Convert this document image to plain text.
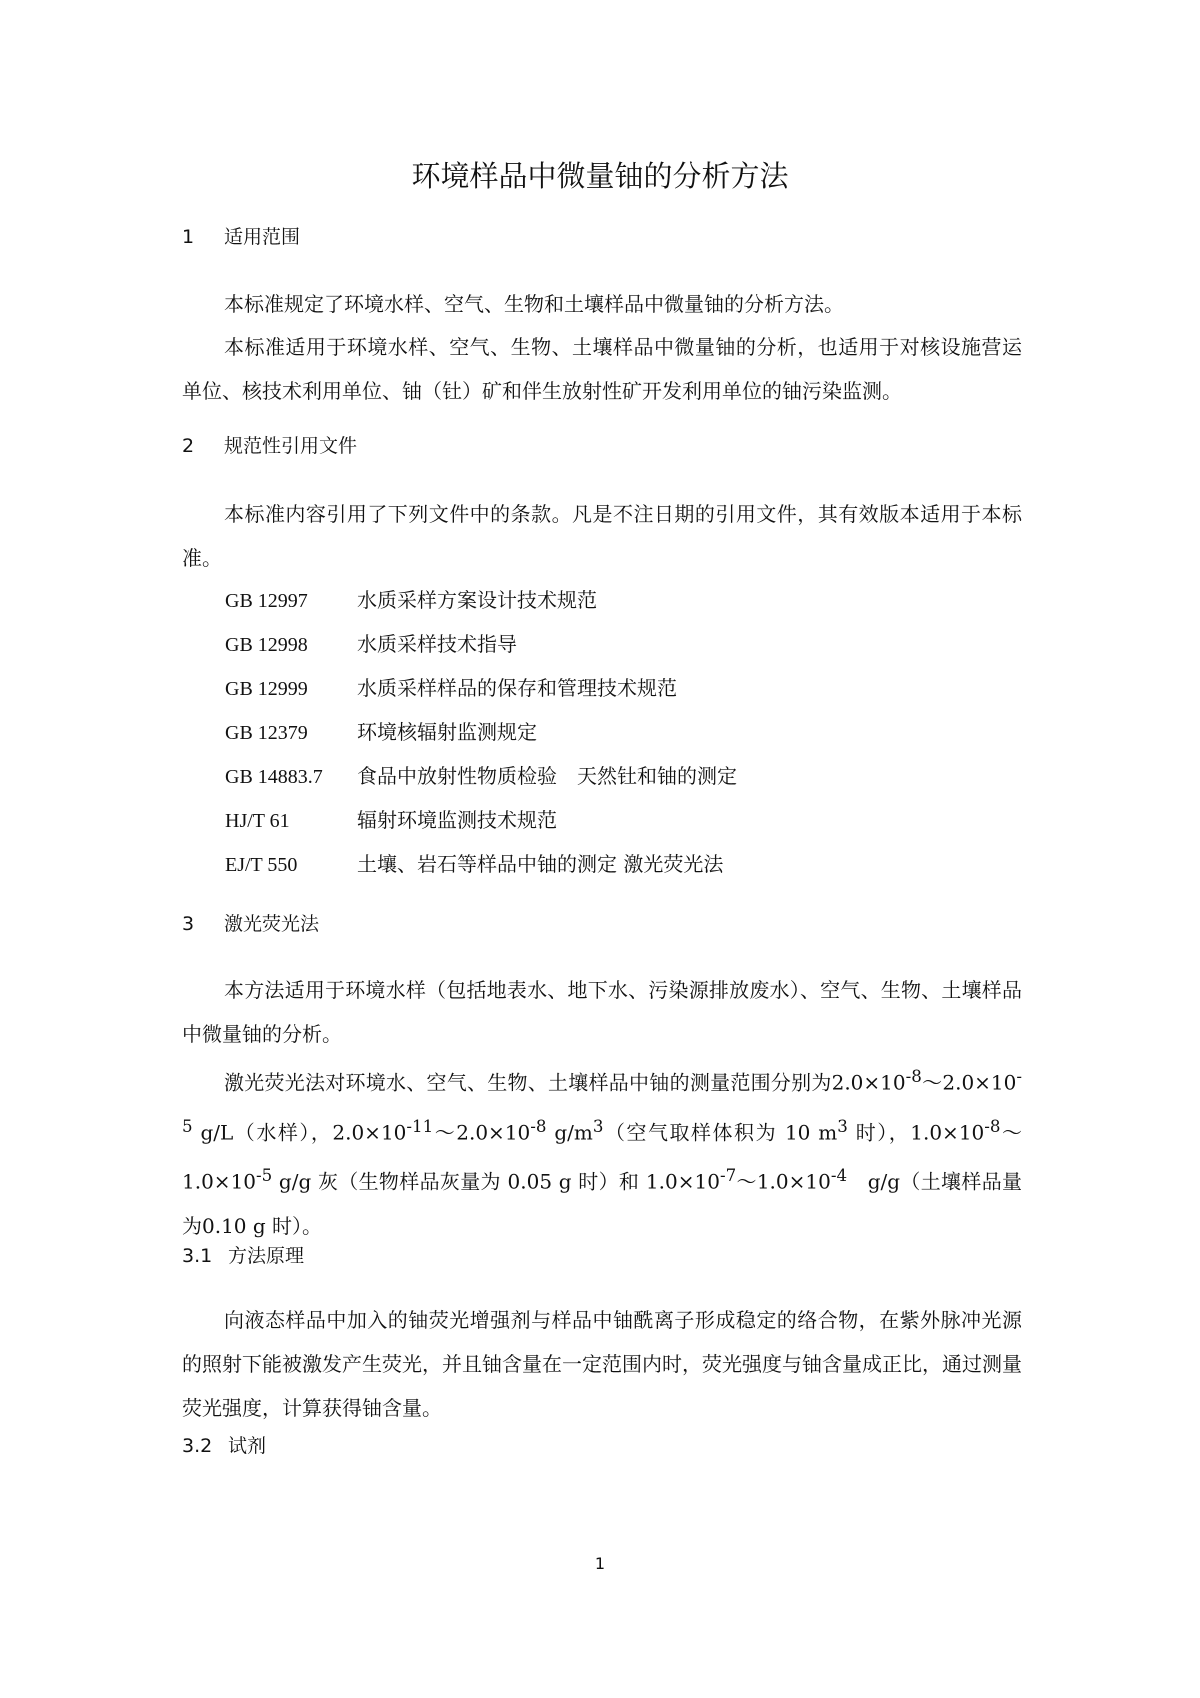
环境样品中微量铀的分析方法
1 适用范围

本标准规定了环境水样、空气、生物和土壤样品中微量铀的分析方法。

本标准适用于环境水样、空气、生物、土壤样品中微量铀的分析，也适用于对核设施营运单位、核技术利用单位、铀（钍）矿和伴生放射性矿开发利用单位的铀污染监测。

2 规范性引用文件

本标准内容引用了下列文件中的条款。凡是不注日期的引用文件，其有效版本适用于本标准。

GB 12997 水质采样方案设计技术规范
GB 12998 水质采样技术指导
GB 12999 水质采样样品的保存和管理技术规范
GB 12379 环境核辐射监测规定
GB 14883.7 食品中放射性物质检验　天然钍和铀的测定
HJ/T 61	辐射环境监测技术规范
EJ/T 550	土壤、岩石等样品中铀的测定 激光荧光法
3 激光荧光法

本方法适用于环境水样（包括地表水、地下水、污染源排放废水）、空气、生物、土壤样品中微量铀的分析。

激光荧光法对环境水、空气、生物、土壤样品中铀的测量范围分别为$2.0\times 10^{-8}\sim 2.0\times 10^{-5}$ g/L（水样），$2.0\times 10^{-11}\sim 2.0\times 10^{-8}$ $g/m^3$（空气取样体积为 10 $m^3$ 时），$1.0\times 10^{-8}\sim 1.0\times 10^{-5}$ g/g 灰（生物样品灰量为 0.05 g 时）和 $1.0\times 10^{-7}\sim 1.0\times 10^{-4}$　g/g（土壤样品量为0.10 g 时）。

3.1 方法原理

向液态样品中加入的铀荧光增强剂与样品中铀酰离子形成稳定的络合物，在紫外脉冲光源的照射下能被激发产生荧光，并且铀含量在一定范围内时，荧光强度与铀含量成正比，通过测量荧光强度，计算获得铀含量。

3.2 试剂
1
